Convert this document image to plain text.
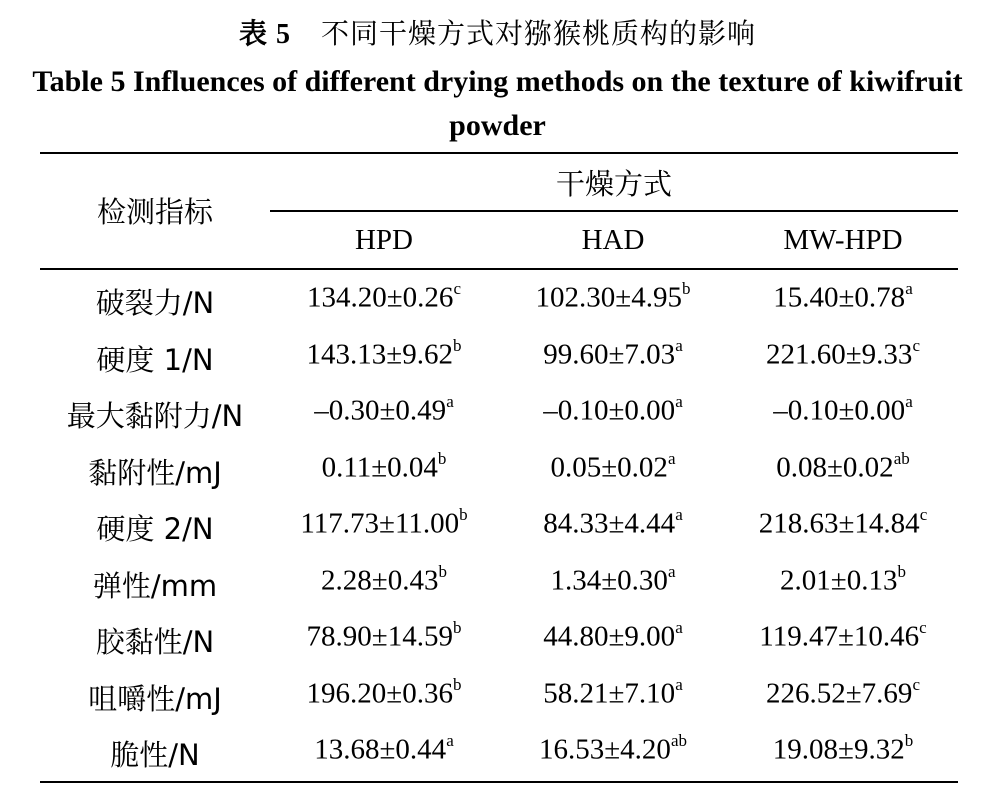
表 5 不同干燥方式对猕猴桃质构的影响
Table 5 Influences of different drying methods on the texture of kiwifruit powder
检测指标
干燥方式
HPD	HAD	MW-HPD
破裂力/N	134.20±0.26$^c$	102.30±4.95$^b$	15.40±0.78$^a$
硬度 1/N	143.13±9.62$^b$	99.60±7.03$^a$	221.60±9.33$^c$
最大黏附力/N	–0.30±0.49$^a$	–0.10±0.00$^a$	–0.10±0.00$^a$
黏附性/mJ	0.11±0.04$^b$	0.05±0.02$^a$	0.08±0.02$^{ab}$
硬度 2/N	117.73±11.00$^b$	84.33±4.44$^a$	218.63±14.84$^c$
弹性/mm	2.28±0.43$^b$	1.34±0.30$^a$	2.01±0.13$^b$
胶黏性/N	78.90±14.59$^b$	44.80±9.00$^a$	119.47±10.46$^c$
咀嚼性/mJ	196.20±0.36$^b$	58.21±7.10$^a$	226.52±7.69$^c$
脆性/N	13.68±0.44$^a$	16.53±4.20$^{ab}$	19.08±9.32$^b$
